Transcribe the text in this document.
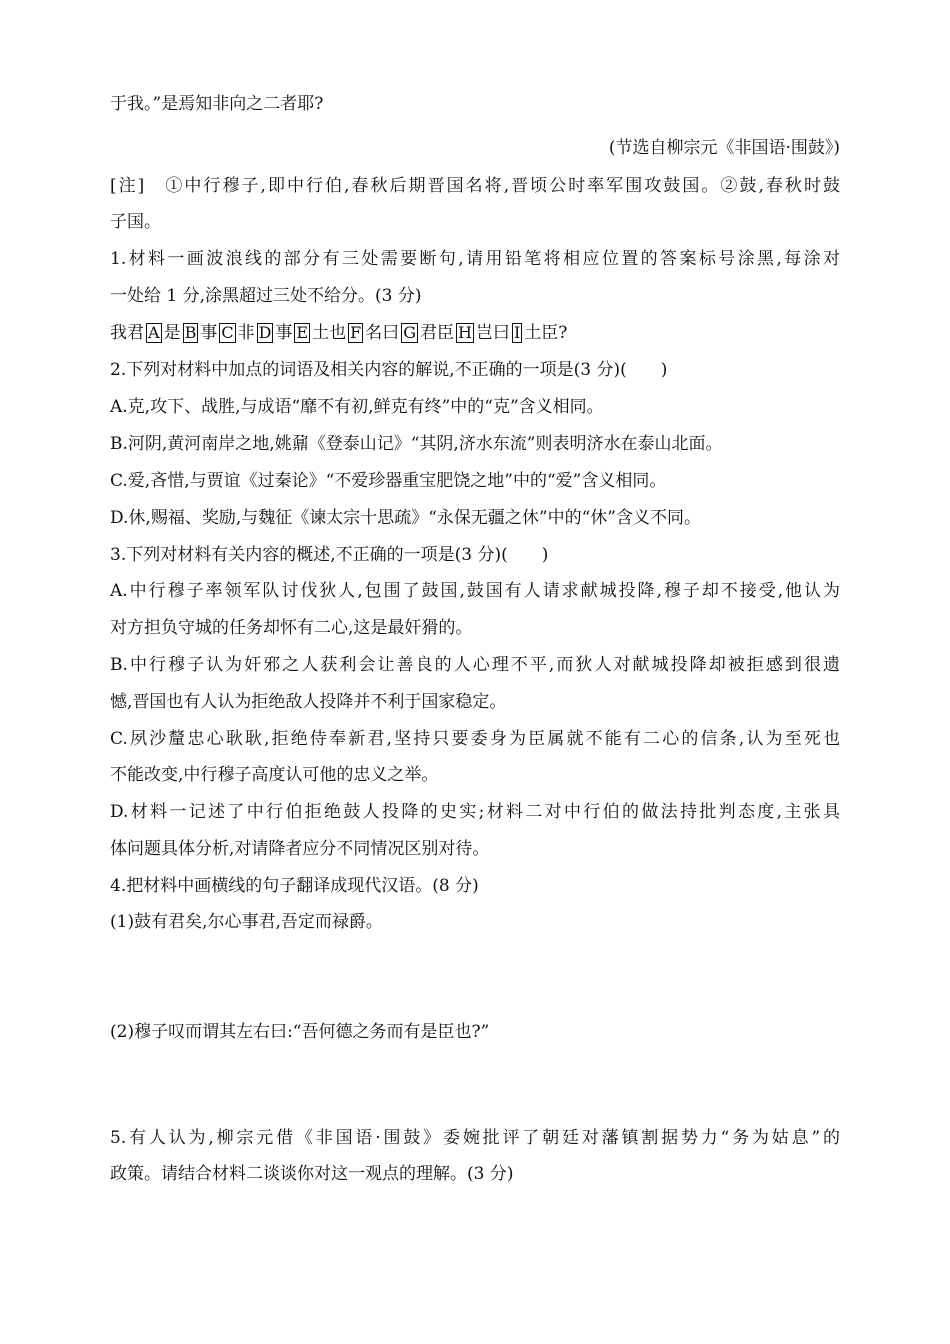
于我。”是焉知非向之二者耶?
(节选自柳宗元《非国语·围鼓》)
[注]　①中行穆子,即中行伯,春秋后期晋国名将,晋顷公时率军围攻鼓国。②鼓,春秋时鼓
子国。
1.材料一画波浪线的部分有三处需要断句,请用铅笔将相应位置的答案标号涂黑,每涂对
一处给 1 分,涂黑超过三处不给分。(3 分)
我君 A 是 B 事 C 非 D 事 E 土也 F 名曰 G 君臣 H 岂曰 I 土臣?
2.下列对材料中加点的词语及相关内容的解说,不正确的一项是(3 分)(　　)
A.克,攻下、战胜,与成语“靡不有初,鲜克有终”中的“克”含义相同。
B.河阴,黄河南岸之地,姚鼐《登泰山记》“其阴,济水东流”则表明济水在泰山北面。
C.爱,吝惜,与贾谊《过秦论》“不爱珍器重宝肥饶之地”中的“爱”含义相同。
D.休,赐福、奖励,与魏征《谏太宗十思疏》“永保无疆之休”中的“休”含义不同。
3.下列对材料有关内容的概述,不正确的一项是(3 分)(　　)
A.中行穆子率领军队讨伐狄人,包围了鼓国,鼓国有人请求献城投降,穆子却不接受,他认为
对方担负守城的任务却怀有二心,这是最奸猾的。
B.中行穆子认为奸邪之人获利会让善良的人心理不平,而狄人对献城投降却被拒感到很遗
憾,晋国也有人认为拒绝敌人投降并不利于国家稳定。
C.夙沙釐忠心耿耿,拒绝侍奉新君,坚持只要委身为臣属就不能有二心的信条,认为至死也
不能改变,中行穆子高度认可他的忠义之举。
D.材料一记述了中行伯拒绝鼓人投降的史实;材料二对中行伯的做法持批判态度,主张具
体问题具体分析,对请降者应分不同情况区别对待。
4.把材料中画横线的句子翻译成现代汉语。(8 分)
(1)鼓有君矣,尔心事君,吾定而禄爵。
(2)穆子叹而谓其左右曰:“吾何德之务而有是臣也?”
5.有人认为,柳宗元借《非国语·围鼓》委婉批评了朝廷对藩镇割据势力“务为姑息”的
政策。请结合材料二谈谈你对这一观点的理解。(3 分)
